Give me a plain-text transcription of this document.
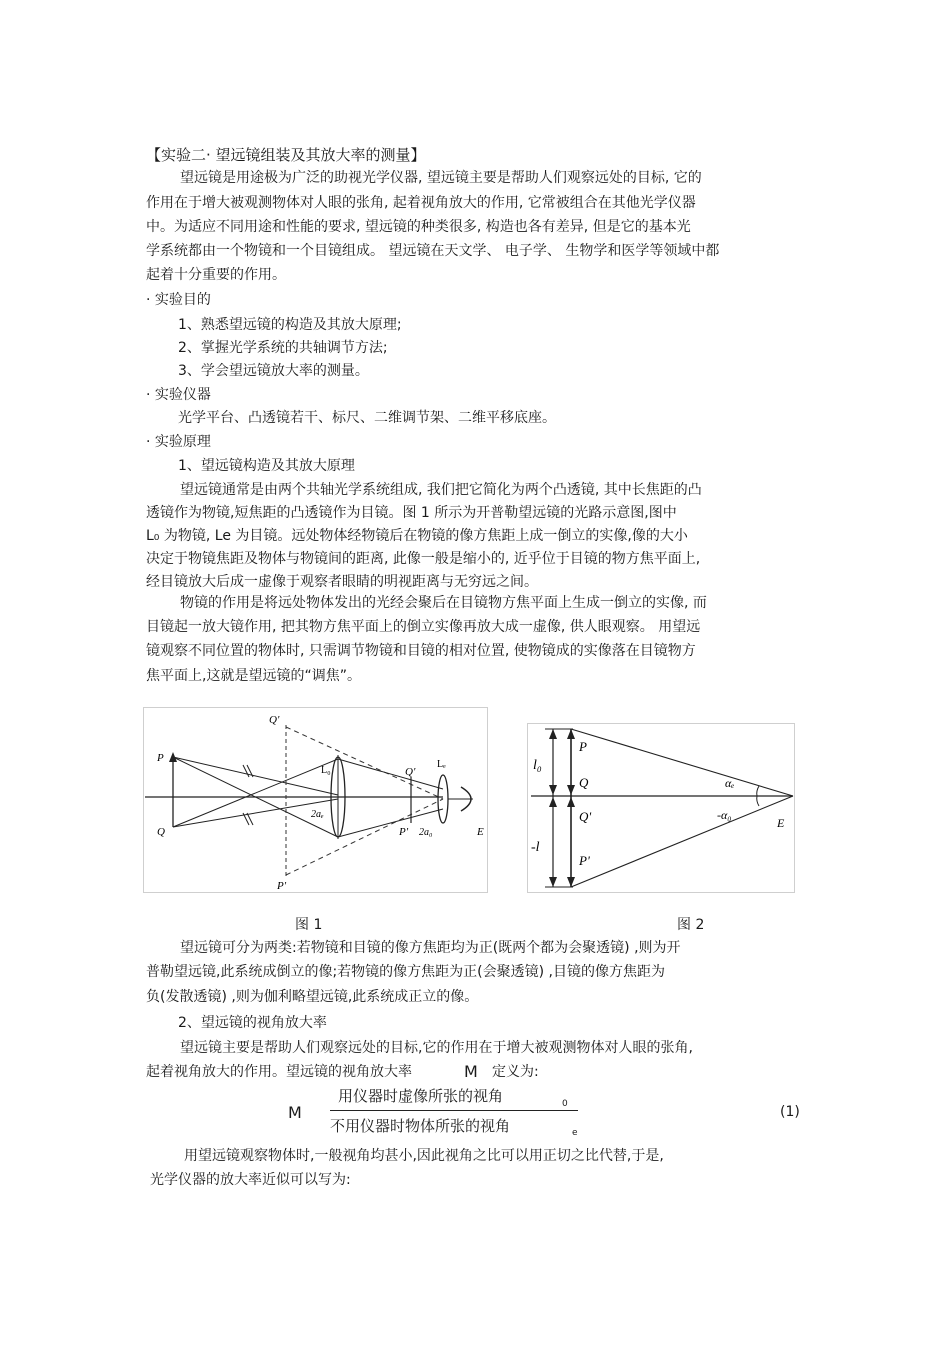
【实验二· 望远镜组装及其放大率的测量】
望远镜是用途极为广泛的助视光学仪器, 望远镜主要是帮助人们观察远处的目标, 它的
作用在于增大被观测物体对人眼的张角, 起着视角放大的作用, 它常被组合在其他光学仪器
中。为适应不同用途和性能的要求, 望远镜的种类很多, 构造也各有差异, 但是它的基本光
学系统都由一个物镜和一个目镜组成。 望远镜在天文学、 电子学、 生物学和医学等领域中都
起着十分重要的作用。
· 实验目的
1、熟悉望远镜的构造及其放大原理;
2、掌握光学系统的共轴调节方法;
3、学会望远镜放大率的测量。
· 实验仪器
光学平台、凸透镜若干、标尺、二维调节架、二维平移底座。
· 实验原理
1、望远镜构造及其放大原理
望远镜通常是由两个共轴光学系统组成, 我们把它简化为两个凸透镜, 其中长焦距的凸
透镜作为物镜,短焦距的凸透镜作为目镜。图 1 所示为开普勒望远镜的光路示意图,图中
L₀ 为物镜, Le 为目镜。远处物体经物镜后在物镜的像方焦距上成一倒立的实像,像的大小
决定于物镜焦距及物体与物镜间的距离, 此像一般是缩小的, 近乎位于目镜的物方焦平面上,
经目镜放大后成一虚像于观察者眼睛的明视距离与无穷远之间。
物镜的作用是将远处物体发出的光经会聚后在目镜物方焦平面上生成一倒立的实像, 而
目镜起一放大镜作用, 把其物方焦平面上的倒立实像再放大成一虚像, 供人眼观察。 用望远
镜观察不同位置的物体时, 只需调节物镜和目镜的相对位置, 使物镜成的实像落在目镜物方
焦平面上,这就是望远镜的“调焦”。
Q'
P
Q
L₀
Lₑ
Q'
P'
2aₑ
2a₀
P'
E
l₀
-l
P
Q
Q'
P'
αₑ
-α₀
E
图 1	图 2
望远镜可分为两类:若物镜和目镜的像方焦距均为正(既两个都为会聚透镜) ,则为开
普勒望远镜,此系统成倒立的像;若物镜的像方焦距为正(会聚透镜) ,目镜的像方焦距为
负(发散透镜) ,则为伽利略望远镜,此系统成正立的像。
2、望远镜的视角放大率
望远镜主要是帮助人们观察远处的目标,它的作用在于增大被观测物体对人眼的张角,
起着视角放大的作用。望远镜的视角放大率	M 定义为:
M
用仪器时虚像所张的视角	0
不用仪器时物体所张的视角	e
(1)
用望远镜观察物体时,一般视角均甚小,因此视角之比可以用正切之比代替,于是,
光学仪器的放大率近似可以写为:
